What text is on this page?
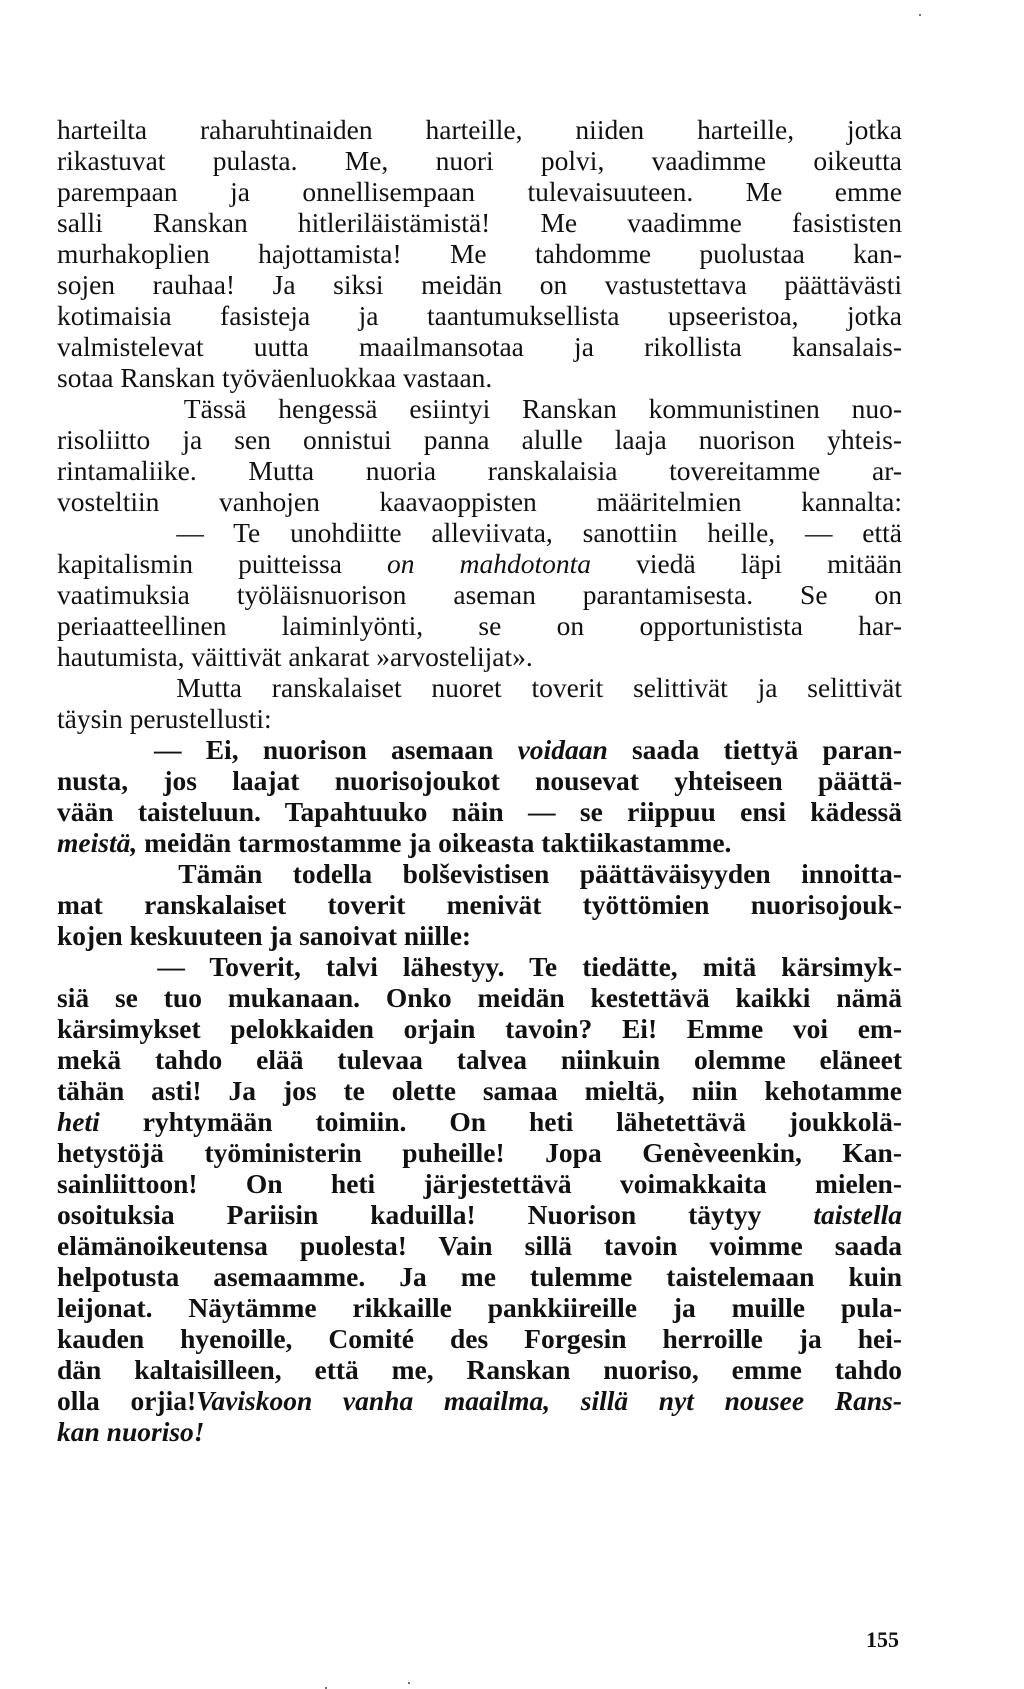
harteilta raharuhtinaiden harteille, niiden harteille, jotka
rikastuvat pulasta. Me, nuori polvi, vaadimme oikeutta
parempaan ja onnellisempaan tulevaisuuteen. Me emme
salli Ranskan hitleriläistämistä! Me vaadimme fasististen
murhakoplien hajottamista! Me tahdomme puolustaa kan-
sojen rauhaa! Ja siksi meidän on vastustettava päättävästi
kotimaisia fasisteja ja taantumuksellista upseeristoa, jotka
valmistelevat uutta maailmansotaa ja rikollista kansalais-
sotaa Ranskan työväenluokkaa vastaan.
Tässä hengessä esiintyi Ranskan kommunistinen nuo-
risoliitto ja sen onnistui panna alulle laaja nuorison yhteis-
rintamaliike. Mutta nuoria ranskalaisia tovereitamme ar-
vosteltiin vanhojen kaavaoppisten määritelmien kannalta:
— Te unohdiitte alleviivata, sanottiin heille, — että
kapitalismin puitteissa on mahdotonta viedä läpi mitään
vaatimuksia työläisnuorison aseman parantamisesta. Se on
periaatteellinen laiminlyönti, se on opportunistista har-
hautumista, väittivät ankarat »arvostelijat».
Mutta ranskalaiset nuoret toverit selittivät ja selittivät
täysin perustellusti:
— Ei, nuorison asemaan voidaan saada tiettyä paran-
nusta, jos laajat nuorisojoukot nousevat yhteiseen päättä-
vään taisteluun. Tapahtuuko näin — se riippuu ensi kädessä
meistä, meidän tarmostamme ja oikeasta taktiikastamme.
Tämän todella bolševistisen päättäväisyyden innoitta-
mat ranskalaiset toverit menivät työttömien nuorisojouk-
kojen keskuuteen ja sanoivat niille:
— Toverit, talvi lähestyy. Te tiedätte, mitä kärsimyk-
siä se tuo mukanaan. Onko meidän kestettävä kaikki nämä
kärsimykset pelokkaiden orjain tavoin? Ei! Emme voi em-
mekä tahdo elää tulevaa talvea niinkuin olemme eläneet
tähän asti! Ja jos te olette samaa mieltä, niin kehotamme
heti ryhtymään toimiin. On heti lähetettävä joukkolä-
hetystöjä työministerin puheille! Jopa Genèveenkin, Kan-
sainliittoon! On heti järjestettävä voimakkaita mielen-
osoituksia Pariisin kaduilla! Nuorison täytyy taistella
elämänoikeutensa puolesta! Vain sillä tavoin voimme saada
helpotusta asemaamme. Ja me tulemme taistelemaan kuin
leijonat. Näytämme rikkaille pankkiireille ja muille pula-
kauden hyenoille, Comité des Forgesin herroille ja hei-
dän kaltaisilleen, että me, Ranskan nuoriso, emme tahdo
olla orjia!Vaviskoon vanha maailma, sillä nyt nousee Rans-
kan nuoriso!
155
